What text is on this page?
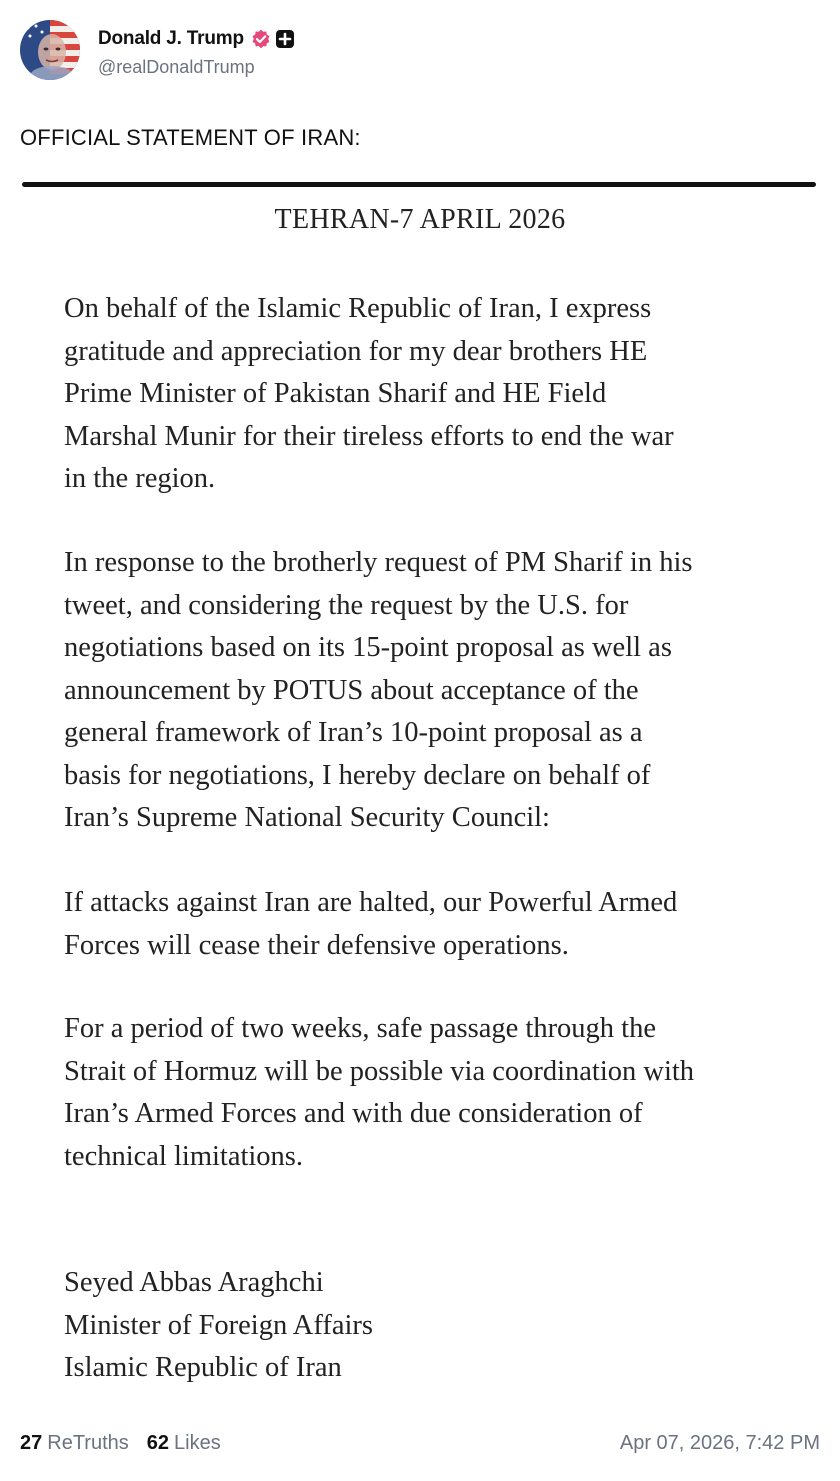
Donald J. Trump
@realDonaldTrump
OFFICIAL STATEMENT OF IRAN:
TEHRAN-7 APRIL 2026
On behalf of the Islamic Republic of Iran, I express
gratitude and appreciation for my dear brothers HE
Prime Minister of Pakistan Sharif and HE Field
Marshal Munir for their tireless efforts to end the war
in the region.
In response to the brotherly request of PM Sharif in his
tweet, and considering the request by the U.S. for
negotiations based on its 15-point proposal as well as
announcement by POTUS about acceptance of the
general framework of Iran’s 10-point proposal as a
basis for negotiations, I hereby declare on behalf of
Iran’s Supreme National Security Council:
If attacks against Iran are halted, our Powerful Armed
Forces will cease their defensive operations.
For a period of two weeks, safe passage through the
Strait of Hormuz will be possible via coordination with
Iran’s Armed Forces and with due consideration of
technical limitations.
Seyed Abbas Araghchi
Minister of Foreign Affairs
Islamic Republic of Iran
27 ReTruths 62 Likes	Apr 07, 2026, 7:42 PM
